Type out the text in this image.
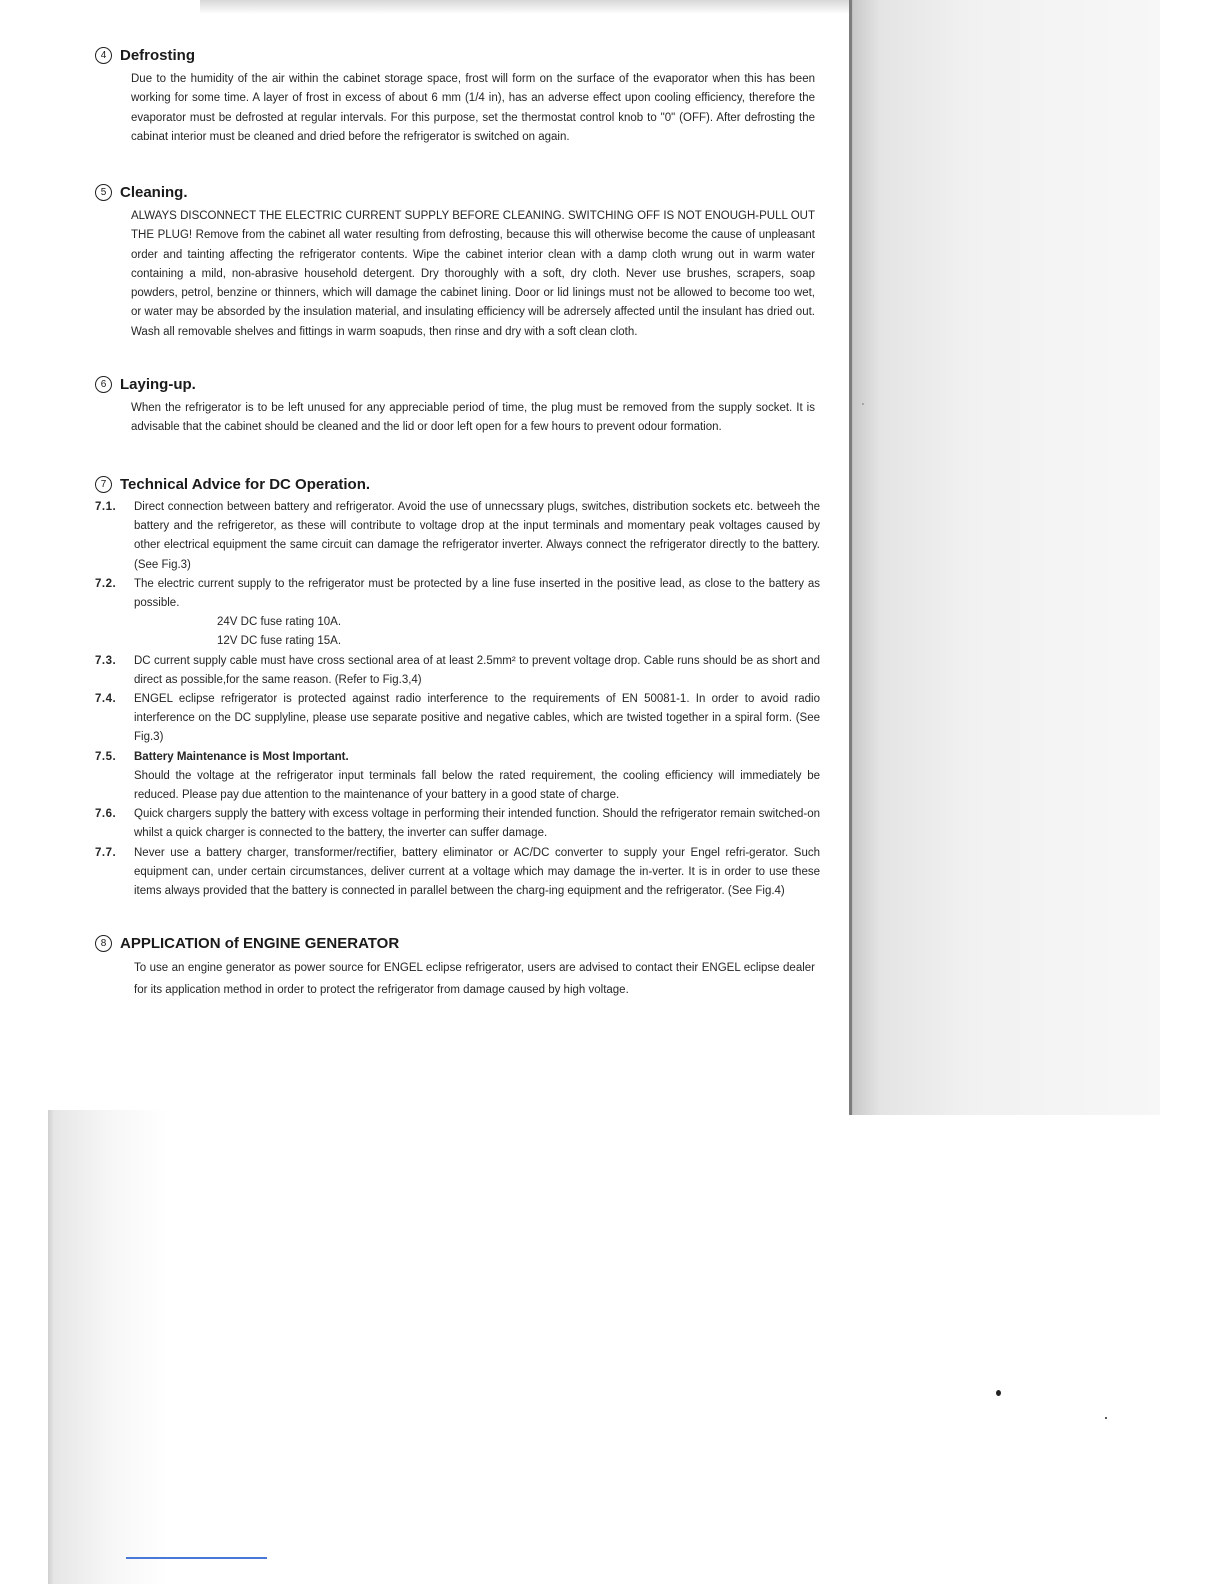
4 Defrosting

Due to the humidity of the air within the cabinet storage space, frost will form on the surface of the evaporator when this has been working for some time. A layer of frost in excess of about 6 mm (1/4 in), has an adverse effect upon cooling efficiency, therefore the evaporator must be defrosted at regular intervals. For this purpose, set the thermostat control knob to "0" (OFF). After defrosting the cabinat interior must be cleaned and dried before the refrigerator is switched on again.

5 Cleaning.

ALWAYS DISCONNECT THE ELECTRIC CURRENT SUPPLY BEFORE CLEANING. SWITCHING OFF IS NOT ENOUGH-PULL OUT THE PLUG! Remove from the cabinet all water resulting from defrosting, because this will otherwise become the cause of unpleasant order and tainting affecting the refrigerator contents. Wipe the cabinet interior clean with a damp cloth wrung out in warm water containing a mild, non-abrasive household detergent. Dry thoroughly with a soft, dry cloth. Never use brushes, scrapers, soap powders, petrol, benzine or thinners, which will damage the cabinet lining. Door or lid linings must not be allowed to become too wet, or water may be absorded by the insulation material, and insulating efficiency will be adrersely affected until the insulant has dried out. Wash all removable shelves and fittings in warm soapuds, then rinse and dry with a soft clean cloth.

6 Laying-up.

When the refrigerator is to be left unused for any appreciable period of time, the plug must be removed from the supply socket. It is advisable that the cabinet should be cleaned and the lid or door left open for a few hours to prevent odour formation.

7 Technical Advice for DC Operation.
7.1.	Direct connection between battery and refrigerator. Avoid the use of unnecssary plugs, switches, distribution sockets etc. betweeh the battery and the refrigeretor, as these will contribute to voltage drop at the input terminals and momentary peak voltages caused by other electrical equipment the same circuit can damage the refrigerator inverter. Always connect the refrigerator directly to the battery. (See Fig.3)
7.2.	The electric current supply to the refrigerator must be protected by a line fuse inserted in the positive lead, as close to the battery as possible.
24V DC fuse rating 10A.
12V DC fuse rating 15A.
7.3.	DC current supply cable must have cross sectional area of at least 2.5mm² to prevent voltage drop. Cable runs should be as short and direct as possible,for the same reason. (Refer to Fig.3,4)
7.4.	ENGEL eclipse refrigerator is protected against radio interference to the requirements of EN 50081-1. In order to avoid radio interference on the DC supplyline, please use separate positive and negative cables, which are twisted together in a spiral form. (See Fig.3)
7.5.	Battery Maintenance is Most Important.
Should the voltage at the refrigerator input terminals fall below the rated requirement, the cooling efficiency will immediately be reduced. Please pay due attention to the maintenance of your battery in a good state of charge.
7.6.	Quick chargers supply the battery with excess voltage in performing their intended function. Should the refrigerator remain switched-on whilst a quick charger is connected to the battery, the inverter can suffer damage.
7.7.	Never use a battery charger, transformer/rectifier, battery eliminator or AC/DC converter to supply your Engel refri-gerator. Such equipment can, under certain circumstances, deliver current at a voltage which may damage the in-verter. It is in order to use these items always provided that the battery is connected in parallel between the charg-ing equipment and the refrigerator. (See Fig.4)
8 APPLICATION of ENGINE GENERATOR

To use an engine generator as power source for ENGEL eclipse refrigerator, users are advised to contact their ENGEL eclipse dealer for its application method in order to protect the refrigerator from damage caused by high voltage.
